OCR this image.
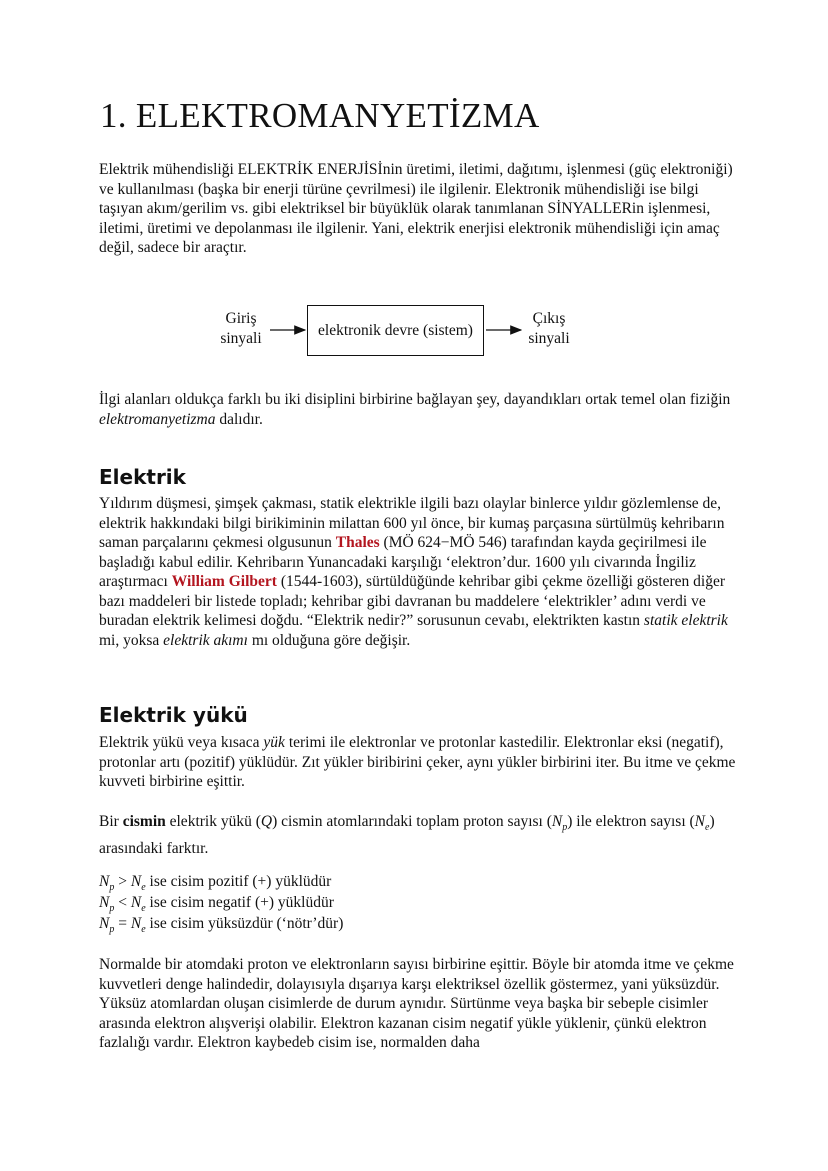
1. ELEKTROMANYETİZMA

Elektrik mühendisliği ELEKTRİK ENERJİSİnin üretimi, iletimi, dağıtımı, işlenmesi (güç elektroniği) ve kullanılması (başka bir enerji türüne çevrilmesi) ile ilgilenir. Elektronik mühendisliği ise bilgi taşıyan akım/gerilim vs. gibi elektriksel bir büyüklük olarak tanımlanan SİNYALLERin işlenmesi, iletimi, üretimi ve depolanması ile ilgilenir. Yani, elektrik enerjisi elektronik mühendisliği için amaç değil, sadece bir araçtır.

Giriş
sinyali	elektronik devre (sistem)
Çıkış
sinyali

İlgi alanları oldukça farklı bu iki disiplini birbirine bağlayan şey, dayandıkları ortak temel olan fiziğin elektromanyetizma dalıdır.

Elektrik

Yıldırım düşmesi, şimşek çakması, statik elektrikle ilgili bazı olaylar binlerce yıldır gözlemlense de, elektrik hakkındaki bilgi birikiminin milattan 600 yıl önce, bir kumaş parçasına sürtülmüş kehribarın saman parçalarını çekmesi olgusunun Thales (MÖ 624−MÖ 546) tarafından kayda geçirilmesi ile başladığı kabul edilir. Kehribarın Yunancadaki karşılığı ‘elektron’dur. 1600 yılı civarında İngiliz araştırmacı William Gilbert (1544-1603), sürtüldüğünde kehribar gibi çekme özelliği gösteren diğer bazı maddeleri bir listede topladı; kehribar gibi davranan bu maddelere ‘elektrikler’ adını verdi ve buradan elektrik kelimesi doğdu. “Elektrik nedir?” sorusunun cevabı, elektrikten kastın statik elektrik mi, yoksa elektrik akımı mı olduğuna göre değişir.

Elektrik yükü

Elektrik yükü veya kısaca yük terimi ile elektronlar ve protonlar kastedilir. Elektronlar eksi (negatif), protonlar artı (pozitif) yüklüdür. Zıt yükler biribirini çeker, aynı yükler birbirini iter. Bu itme ve çekme kuvveti birbirine eşittir.

Bir cismin elektrik yükü (Q) cismin atomlarındaki toplam proton sayısı $(N_p)$ ile elektron sayısı $(N_e)$ arasındaki farktır.

$N_p > N_e$ ise cisim pozitif (+) yüklüdür
$N_p < N_e$ ise cisim negatif (+) yüklüdür
$N_p = N_e$ ise cisim yüksüzdür (‘nötr’dür)

Normalde bir atomdaki proton ve elektronların sayısı birbirine eşittir. Böyle bir atomda itme ve çekme kuvvetleri denge halindedir, dolayısıyla dışarıya karşı elektriksel özellik göstermez, yani yüksüzdür. Yüksüz atomlardan oluşan cisimlerde de durum aynıdır. Sürtünme veya başka bir sebeple cisimler arasında elektron alışverişi olabilir. Elektron kazanan cisim negatif yükle yüklenir, çünkü elektron fazlalığı vardır. Elektron kaybedeb cisim ise, normalden daha
